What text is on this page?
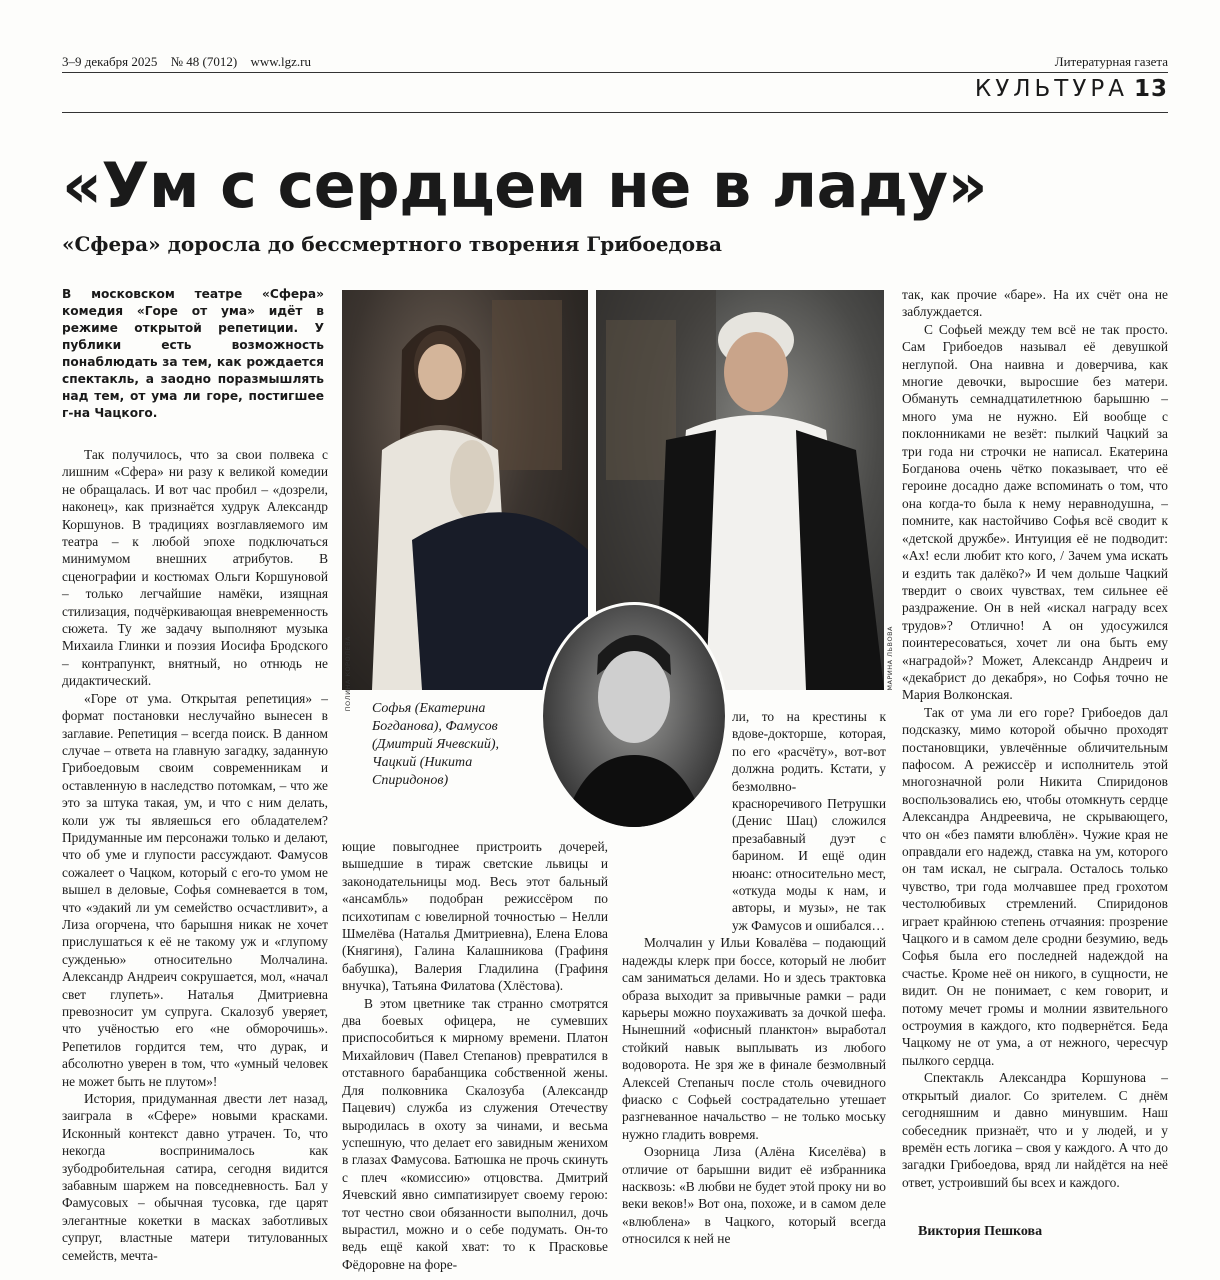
3–9 декабря 2025 № 48 (7012) www.lgz.ru	Литературная газета
КУЛЬТУРА 13
«Ум с сердцем не в ладу»
«Сфера» доросла до бессмертного творения Грибоедова
В московском театре «Сфера» комедия «Горе от ума» идёт в режиме открытой репетиции. У публики есть возможность понаблюдать за тем, как рождается спектакль, а заодно поразмышлять над тем, от ума ли горе, постигшее г-на Чацкого.

Так получилось, что за свои полвека с лишним «Сфера» ни разу к великой комедии не обращалась. И вот час пробил – «дозрели, наконец», как признаётся худрук Александр Коршунов. В традициях возглавляемого им театра – к любой эпохе подключаться минимумом внешних атрибутов. В сценографии и костюмах Ольги Коршуновой – только легчайшие намёки, изящная стилизация, подчёркивающая вневременность сюжета. Ту же задачу выполняют музыка Михаила Глинки и поэзия Иосифа Бродского – контрапункт, внятный, но отнюдь не дидактический.

«Горе от ума. Открытая репетиция» – формат постановки неслучайно вынесен в заглавие. Репетиция – всегда поиск. В данном случае – ответа на главную загадку, заданную Грибоедовым своим современникам и оставленную в наследство потомкам, – что же это за штука такая, ум, и что с ним делать, коли уж ты являешься его обладателем? Придуманные им персонажи только и делают, что об уме и глупости рассуждают. Фамусов сожалеет о Чацком, который с его-то умом не вышел в деловые, Софья сомневается в том, что «эдакий ли ум семейство осчастливит», а Лиза огорчена, что барышня никак не хочет прислушаться к её не такому уж и «глупому сужденью» относительно Молчалина. Александр Андреич сокрушается, мол, «начал свет глупеть». Наталья Дмитриевна превозносит ум супруга. Скалозуб уверяет, что учёностью его «не обморочишь». Репетилов гордится тем, что дурак, и абсолютно уверен в том, что «умный человек не может быть не плутом»!

История, придуманная двести лет назад, заиграла в «Сфере» новыми красками. Исконный контекст давно утрачен. То, что некогда воспринималось как зубодробительная сатира, сегодня видится забавным шаржем на повседневность. Бал у Фамусовых – обычная тусовка, где царят элегантные кокетки в масках заботливых супруг, властные матери титулованных семейств, мечта-

ПОЛИНА КОРОЛЕВА	МАРИНА ЛЬВОВА
Софья (Екатерина Богданова), Фамусов (Дмитрий Ячевский), Чацкий (Никита Спиридонов)

ющие повыгоднее пристроить дочерей, вышедшие в тираж светские львицы и законодательницы мод. Весь этот бальный «ансамбль» подобран режиссёром по психотипам с ювелирной точностью – Нелли Шмелёва (Наталья Дмитриевна), Елена Елова (Княгиня), Галина Калашникова (Графиня бабушка), Валерия Гладилина (Графиня внучка), Татьяна Филатова (Хлёстова).

В этом цветнике так странно смотрятся два боевых офицера, не сумевших приспособиться к мирному времени. Платон Михайлович (Павел Степанов) превратился в отставного барабанщика собственной жены. Для полковника Скалозуба (Александр Пацевич) служба из служения Отечеству выродилась в охоту за чинами, и весьма успешную, что делает его завидным женихом в глазах Фамусова. Батюшка не прочь скинуть с плеч «комиссию» отцовства. Дмитрий Ячевский явно симпатизирует своему герою: тот честно свои обязанности выполнил, дочь вырастил, можно и о себе подумать. Он-то ведь ещё какой хват: то к Прасковье Фёдоровне на фоpe-

ли, то на крестины к вдове-докторше, которая, по его «расчёту», вот-вот должна родить. Кстати, у безмолвно-красноречивого Петрушки (Денис Шац) сложился презабавный дуэт с барином. И ещё один нюанс: относительно мест, «откуда моды к нам, и авторы, и музы», не так уж Фамусов и ошибался…

Молчалин у Ильи Ковалёва – подающий надежды клерк при боссе, который не любит сам заниматься делами. Но и здесь трактовка образа выходит за привычные рамки – ради карьеры можно поухаживать за дочкой шефа. Нынешний «офисный планктон» выработал стойкий навык выплывать из любого водоворота. Не зря же в финале безмолвный Алексей Степаныч после столь очевидного фиаско с Софьей сострадательно утешает разгневанное начальство – не только моську нужно гладить вовремя.

Озорница Лиза (Алёна Киселёва) в отличие от барышни видит её избранника насквозь: «В любви не будет этой проку ни во веки веков!» Вот она, похоже, и в самом деле «влюблена» в Чацкого, который всегда относился к ней не

так, как прочие «баре». На их счёт она не заблуждается.

С Софьей между тем всё не так просто. Сам Грибоедов называл её девушкой неглупой. Она наивна и доверчива, как многие девочки, выросшие без матери. Обмануть семнадцатилетнюю барышню – много ума не нужно. Ей вообще с поклонниками не везёт: пылкий Чацкий за три года ни строчки не написал. Екатерина Богданова очень чётко показывает, что её героине досадно даже вспоминать о том, что она когда-то была к нему неравнодушна, – помните, как настойчиво Софья всё сводит к «детской дружбе». Интуиция её не подводит: «Ах! если любит кто кого, / Зачем ума искать и ездить так далёко?» И чем дольше Чацкий твердит о своих чувствах, тем сильнее её раздражение. Он в ней «искал награду всех трудов»? Отлично! А он удосужился поинтересоваться, хочет ли она быть ему «наградой»? Может, Александр Андреич и «декабрист до декабря», но Софья точно не Мария Волконская.

Так от ума ли его горе? Грибоедов дал подсказку, мимо которой обычно проходят постановщики, увлечённые обличительным пафосом. А режиссёр и исполнитель этой многозначной роли Никита Спиридонов воспользовались ею, чтобы отомкнуть сердце Александра Андреевича, не скрывающего, что он «без памяти влюблён». Чужие края не оправдали его надежд, ставка на ум, которого он там искал, не сыграла. Осталось только чувство, три года молчавшее пред грохотом честолюбивых стремлений. Спиридонов играет крайнюю степень отчаяния: прозрение Чацкого и в самом деле сродни безумию, ведь Софья была его последней надеждой на счастье. Кроме неё он никого, в сущности, не видит. Он не понимает, с кем говорит, и потому мечет громы и молнии язвительного остроумия в каждого, кто подвернётся. Беда Чацкому не от ума, а от нежного, чересчур пылкого сердца.

Спектакль Александра Коршунова – открытый диалог. Со зрителем. С днём сегодняшним и давно минувшим. Наш собеседник признаёт, что и у людей, и у времён есть логика – своя у каждого. А что до загадки Грибоедова, вряд ли найдётся на неё ответ, устроивший бы всех и каждого.

Виктория Пешкова
